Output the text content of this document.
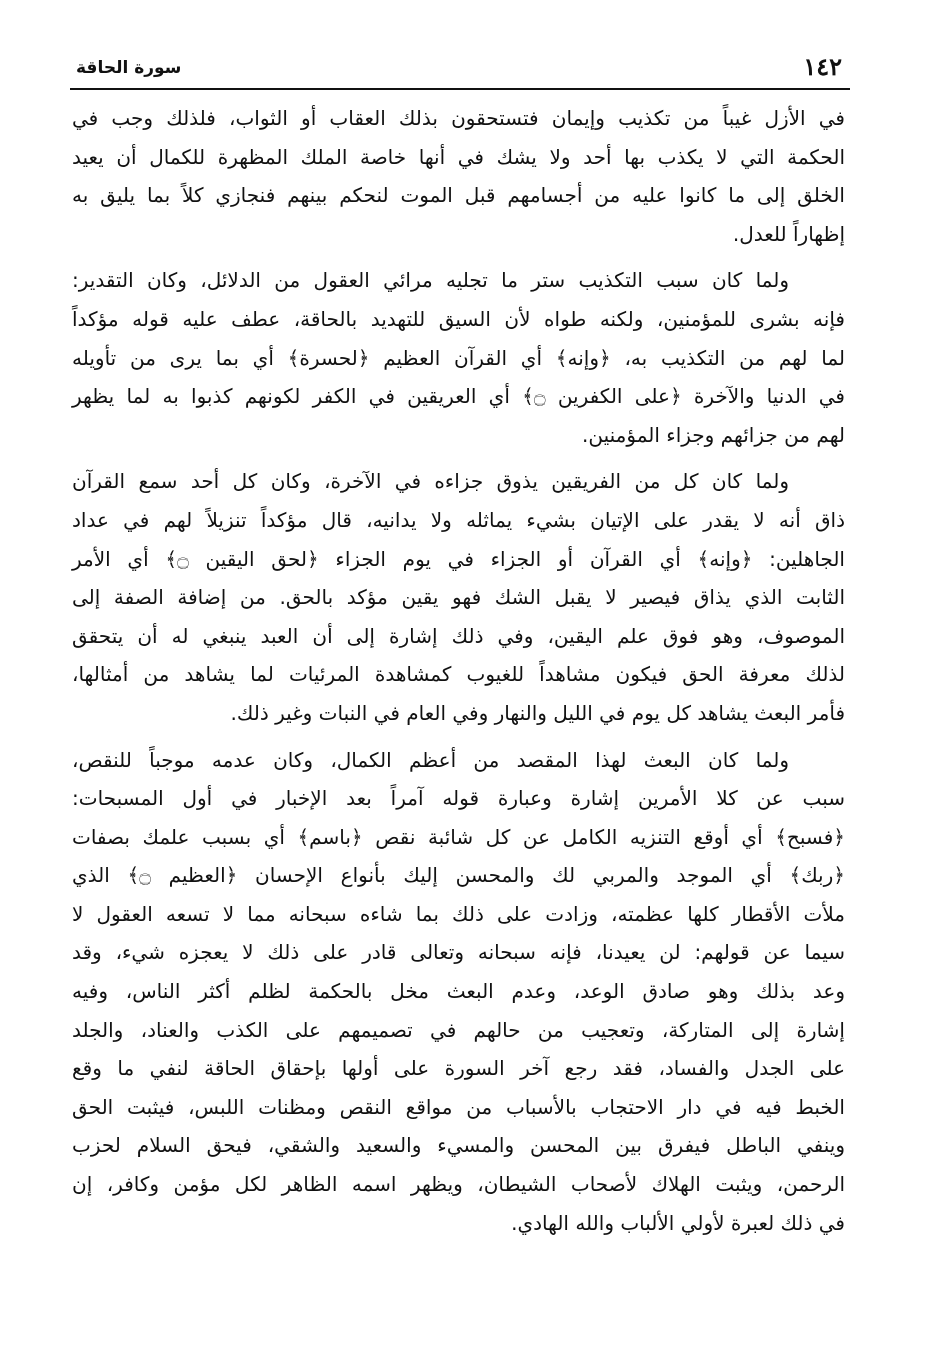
١٤٢
سورة الحاقة

في الأزل غيباً من تكذيب وإيمان فتستحقون بذلك العقاب أو الثواب، فلذلك وجب في
الحكمة التي لا يكذب بها أحد ولا يشك في أنها خاصة الملك المظهرة للكمال أن يعيد
الخلق إلى ما كانوا عليه من أجسامهم قبل الموت لنحكم بينهم فنجازي كلاً بما يليق به
إظهاراً للعدل.

ولما كان سبب التكذيب ستر ما تجليه مرائي العقول من الدلائل، وكان التقدير:
فإنه بشرى للمؤمنين، ولكنه طواه لأن السيق للتهديد بالحاقة، عطف عليه قوله مؤكداً
لما لهم من التكذيب به، ﴿وإنه﴾ أي القرآن العظيم ﴿لحسرة﴾ أي بما يرى من تأويله
في الدنيا والآخرة ﴿على الكفرين ۝﴾ أي العريقين في الكفر لكونهم كذبوا به لما يظهر
لهم من جزائهم وجزاء المؤمنين.

ولما كان كل من الفريقين يذوق جزاءه في الآخرة، وكان كل أحد سمع القرآن
ذاق أنه لا يقدر على الإتيان بشيء يماثله ولا يدانيه، قال مؤكداً تنزيلاً لهم في عداد
الجاهلين: ﴿وإنه﴾ أي القرآن أو الجزاء في يوم الجزاء ﴿لحق اليقين ۝﴾ أي الأمر
الثابت الذي يذاق فيصير لا يقبل الشك فهو يقين مؤكد بالحق. من إضافة الصفة إلى
الموصوف، وهو فوق علم اليقين، وفي ذلك إشارة إلى أن العبد ينبغي له أن يتحقق
لذلك معرفة الحق فيكون مشاهداً للغيوب كمشاهدة المرئيات لما يشاهد من أمثالها،
فأمر البعث يشاهد كل يوم في الليل والنهار وفي العام في النبات وغير ذلك.

ولما كان البعث لهذا المقصد من أعظم الكمال، وكان عدمه موجباً للنقص،
سبب عن كلا الأمرين إشارة وعبارة قوله آمراً بعد الإخبار في أول المسبحات:
﴿فسبح﴾ أي أوقع التنزيه الكامل عن كل شائبة نقص ﴿باسم﴾ أي بسبب علمك بصفات
﴿ربك﴾ أي الموجد والمربي لك والمحسن إليك بأنواع الإحسان ﴿العظيم ۝﴾ الذي
ملأت الأقطار كلها عظمته، وزادت على ذلك بما شاءه سبحانه مما لا تسعه العقول لا
سيما عن قولهم: لن يعيدنا، فإنه سبحانه وتعالى قادر على ذلك لا يعجزه شيء، وقد
وعد بذلك وهو صادق الوعد، وعدم البعث مخل بالحكمة لظلم أكثر الناس، وفيه
إشارة إلى المتاركة، وتعجيب من حالهم في تصميمهم على الكذب والعناد، والجلد
على الجدل والفساد، فقد رجع آخر السورة على أولها بإحقاق الحاقة لنفي ما وقع
الخبط فيه في دار الاحتجاب بالأسباب من مواقع النقص ومظنات اللبس، فيثبت الحق
وينفي الباطل فيفرق بين المحسن والمسيء والسعيد والشقي، فيحق السلام لحزب
الرحمن، ويثبت الهلاك لأصحاب الشيطان، ويظهر اسمه الظاهر لكل مؤمن وكافر، إن
في ذلك لعبرة لأولي الألباب والله الهادي.
